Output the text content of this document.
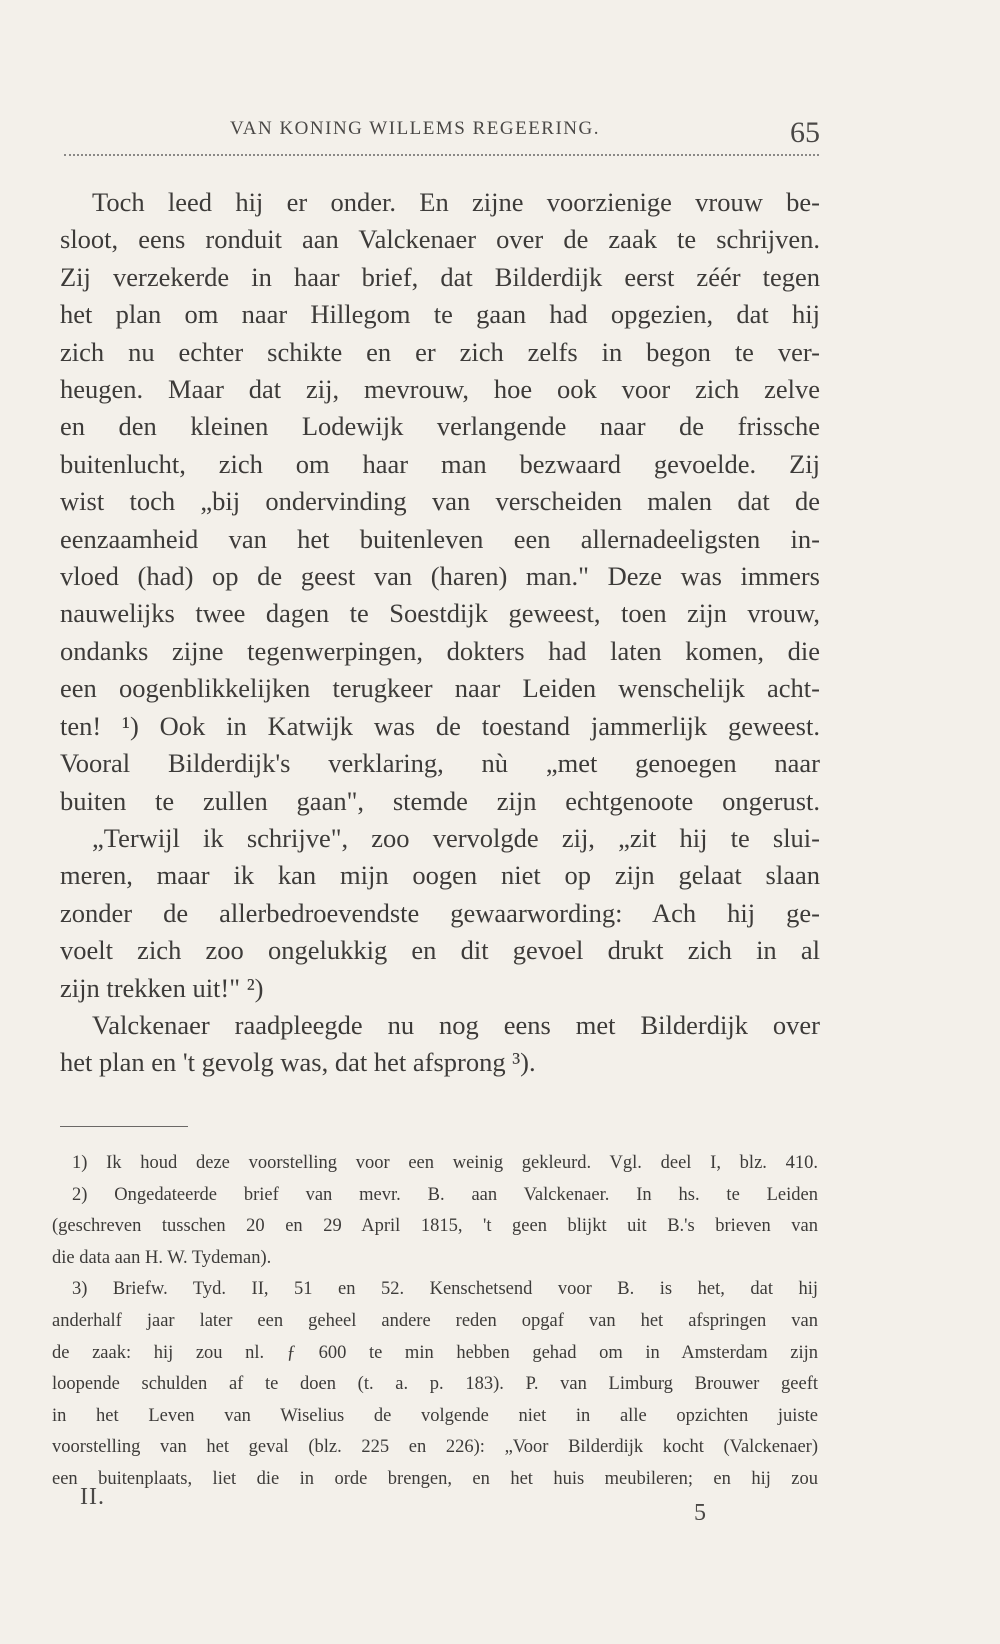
VAN KONING WILLEMS REGEERING.	65
Toch leed hij er onder. En zijne voorzienige vrouw be-
sloot, eens ronduit aan Valckenaer over de zaak te schrijven.
Zij verzekerde in haar brief, dat Bilderdijk eerst zéér tegen
het plan om naar Hillegom te gaan had opgezien, dat hij
zich nu echter schikte en er zich zelfs in begon te ver-
heugen. Maar dat zij, mevrouw, hoe ook voor zich zelve
en den kleinen Lodewijk verlangende naar de frissche
buitenlucht, zich om haar man bezwaard gevoelde. Zij
wist toch „bij ondervinding van verscheiden malen dat de
eenzaamheid van het buitenleven een allernadeeligsten in-
vloed (had) op de geest van (haren) man." Deze was immers
nauwelijks twee dagen te Soestdijk geweest, toen zijn vrouw,
ondanks zijne tegenwerpingen, dokters had laten komen, die
een oogenblikkelijken terugkeer naar Leiden wenschelijk acht-
ten! ¹) Ook in Katwijk was de toestand jammerlijk geweest.
Vooral Bilderdijk's verklaring, nù „met genoegen naar
buiten te zullen gaan", stemde zijn echtgenoote ongerust.
„Terwijl ik schrijve", zoo vervolgde zij, „zit hij te slui-
meren, maar ik kan mijn oogen niet op zijn gelaat slaan
zonder de allerbedroevendste gewaarwording: Ach hij ge-
voelt zich zoo ongelukkig en dit gevoel drukt zich in al
zijn trekken uit!" ²)
Valckenaer raadpleegde nu nog eens met Bilderdijk over
het plan en 't gevolg was, dat het afsprong ³).
1) Ik houd deze voorstelling voor een weinig gekleurd. Vgl. deel I, blz. 410.
2) Ongedateerde brief van mevr. B. aan Valckenaer. In hs. te Leiden
(geschreven tusschen 20 en 29 April 1815, 't geen blijkt uit B.'s brieven van
die data aan H. W. Tydeman).
3) Briefw. Tyd. II, 51 en 52. Kenschetsend voor B. is het, dat hij
anderhalf jaar later een geheel andere reden opgaf van het afspringen van
de zaak: hij zou nl. ƒ 600 te min hebben gehad om in Amsterdam zijn
loopende schulden af te doen (t. a. p. 183). P. van Limburg Brouwer geeft
in het Leven van Wiselius de volgende niet in alle opzichten juiste
voorstelling van het geval (blz. 225 en 226): „Voor Bilderdijk kocht (Valckenaer)
een buitenplaats, liet die in orde brengen, en het huis meubileren; en hij zou
II.
5
